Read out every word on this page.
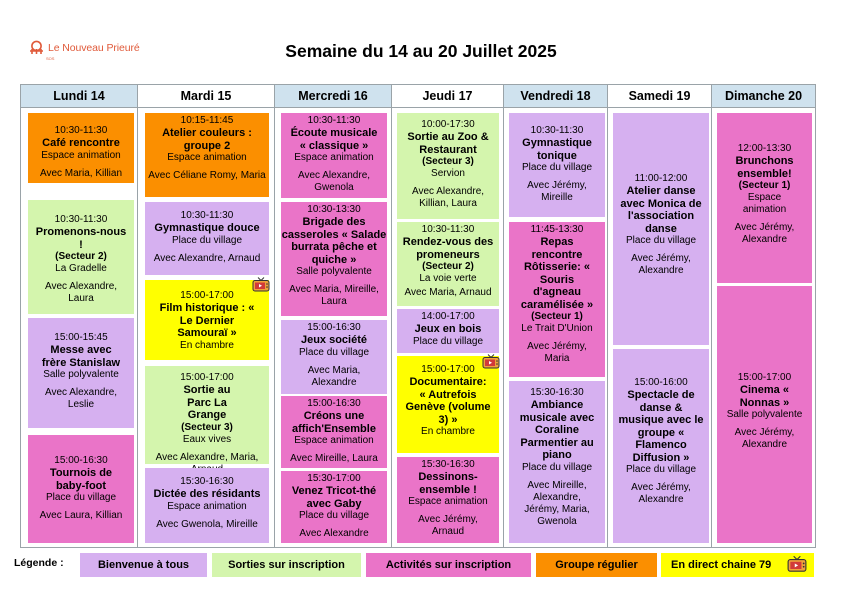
Le Nouveau Prieuré
SOS	Semaine du 14 au 20 Juillet 2025
Lundi 14
10:30-11:30
Café rencontre
Espace animation
Avec Maria, Killian
10:30-11:30
Promenons-nous !
(Secteur 2)
La Gradelle
Avec Alexandre, Laura
15:00-15:45
Messe avec frère Stanislaw
Salle polyvalente
Avec Alexandre, Leslie
15:00-16:30
Tournois de baby-foot
Place du village
Avec Laura, Killian
Mardi 15
10:15-11:45
Atelier couleurs : groupe 2
Espace animation
Avec Céliane Romy, Maria
10:30-11:30
Gymnastique douce
Place du village
Avec Alexandre, Arnaud
15:00-17:00
Film historique : « Le Dernier Samouraï »
En chambre
15:00-17:00
Sortie au Parc La Grange
(Secteur 3)
Eaux vives
Avec Alexandre, Maria,
15:30-16:30
Dictée des résidants
Espace animation
Avec Gwenola, Mireille
Mercredi 16
10:30-11:30
Écoute musicale « classique »
Espace animation
Avec Alexandre, Gwenola
10:30-13:30
Brigade des casseroles « Salade burrata pêche et quiche »
Salle polyvalente
Avec Maria, Mireille, Laura
15:00-16:30
Jeux société
Place du village
Avec Maria, Alexandre
15:00-16:30
Créons une affich'Ensemble
Espace animation
Avec Mireille, Laura
15:30-17:00
Venez Tricot-thé avec Gaby
Place du village
Avec Alexandre
Jeudi 17
10:00-17:30
Sortie au Zoo & Restaurant
(Secteur 3)
Servion
Avec Alexandre, Killian, Laura
10:30-11:30
Rendez-vous des promeneurs
(Secteur 2)
La voie verte
Avec Maria, Arnaud
14:00-17:00
Jeux en bois
Place du village
15:00-17:00
Documentaire: « Autrefois Genève (volume 3) »
En chambre
15:30-16:30
Dessinons-ensemble !
Espace animation
Avec Jérémy, Arnaud
Vendredi 18
10:30-11:30
Gymnastique tonique
Place du village
Avec Jérémy, Mireille
11:45-13:30
Repas rencontre Rôtisserie: « Souris d'agneau caramélisée »
(Secteur 1)
Le Trait D'Union
Avec Jérémy, Maria
15:30-16:30
Ambiance musicale avec Coraline Parmentier au piano
Place du village
Avec Mireille, Alexandre, Jérémy, Maria, Gwenola
Samedi 19
11:00-12:00
Atelier danse avec Monica de l'association danse
Place du village
Avec Jérémy, Alexandre
15:00-16:00
Spectacle de danse & musique avec le groupe « Flamenco Diffusion »
Place du village
Avec Jérémy, Alexandre
Dimanche 20
12:00-13:30
Brunchons ensemble!
(Secteur 1)
Espace animation
Avec Jérémy, Alexandre
15:00-17:00
Cinema « Nonnas »
Salle polyvalente
Avec Jérémy, Alexandre
Légende :	Bienvenue à tous	Sorties sur inscription	Activités sur inscription	Groupe régulier	En direct chaine 79
